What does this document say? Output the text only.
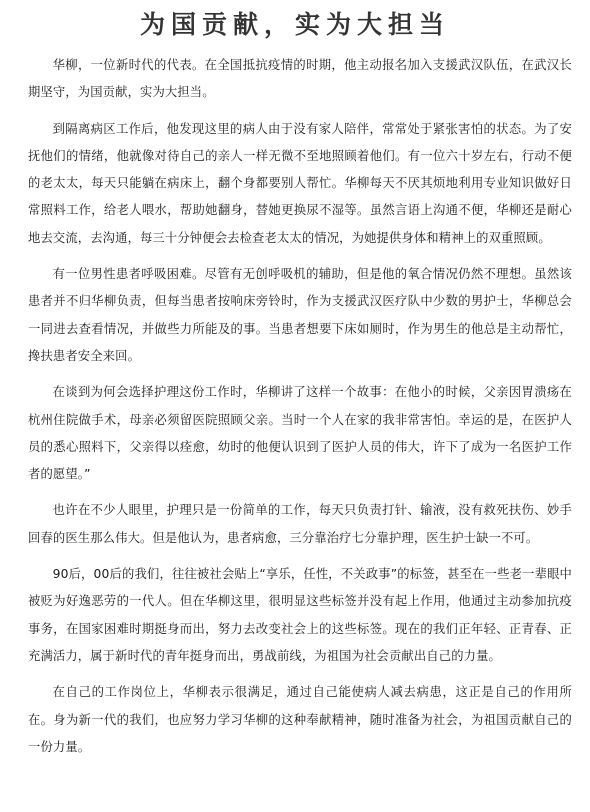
为国贡献，实为大担当

华柳，一位新时代的代表。在全国抵抗疫情的时期，他主动报名加入支援武汉队伍，在武汉长期坚守，为国贡献，实为大担当。

到隔离病区工作后，他发现这里的病人由于没有家人陪伴，常常处于紧张害怕的状态。为了安抚他们的情绪，他就像对待自己的亲人一样无微不至地照顾着他们。有一位六十岁左右，行动不便的老太太，每天只能躺在病床上，翻个身都要别人帮忙。华柳每天不厌其烦地利用专业知识做好日常照料工作，给老人喂水，帮助她翻身，替她更换尿不湿等。虽然言语上沟通不便，华柳还是耐心地去交流，去沟通，每三十分钟便会去检查老太太的情况，为她提供身体和精神上的双重照顾。

有一位男性患者呼吸困难。尽管有无创呼吸机的辅助，但是他的氧合情况仍然不理想。虽然该患者并不归华柳负责，但每当患者按响床旁铃时，作为支援武汉医疗队中少数的男护士，华柳总会一同进去查看情况，并做些力所能及的事。当患者想要下床如厕时，作为男生的他总是主动帮忙，搀扶患者安全来回。

在谈到为何会选择护理这份工作时，华柳讲了这样一个故事：在他小的时候，父亲因胃溃疡在杭州住院做手术，母亲必须留医院照顾父亲。当时一个人在家的我非常害怕。幸运的是，在医护人员的悉心照料下，父亲得以痊愈，幼时的他便认识到了医护人员的伟大，许下了成为一名医护工作者的愿望。”

也许在不少人眼里，护理只是一份简单的工作，每天只负责打针、输液，没有救死扶伤、妙手回春的医生那么伟大。但是他认为，患者病愈，三分靠治疗七分靠护理，医生护士缺一不可。

90后，00后的我们，往往被社会贴上“享乐，任性，不关政事”的标签，甚至在一些老一辈眼中被贬为好逸恶劳的一代人。但在华柳这里，很明显这些标签并没有起上作用，他通过主动参加抗疫事务，在国家困难时期挺身而出，努力去改变社会上的这些标签。现在的我们正年轻、正青春、正充满活力，属于新时代的青年挺身而出，勇战前线，为祖国为社会贡献出自己的力量。

在自己的工作岗位上，华柳表示很满足，通过自己能使病人减去病患，这正是自己的作用所在。身为新一代的我们，也应努力学习华柳的这种奉献精神，随时准备为社会，为祖国贡献自己的一份力量。
